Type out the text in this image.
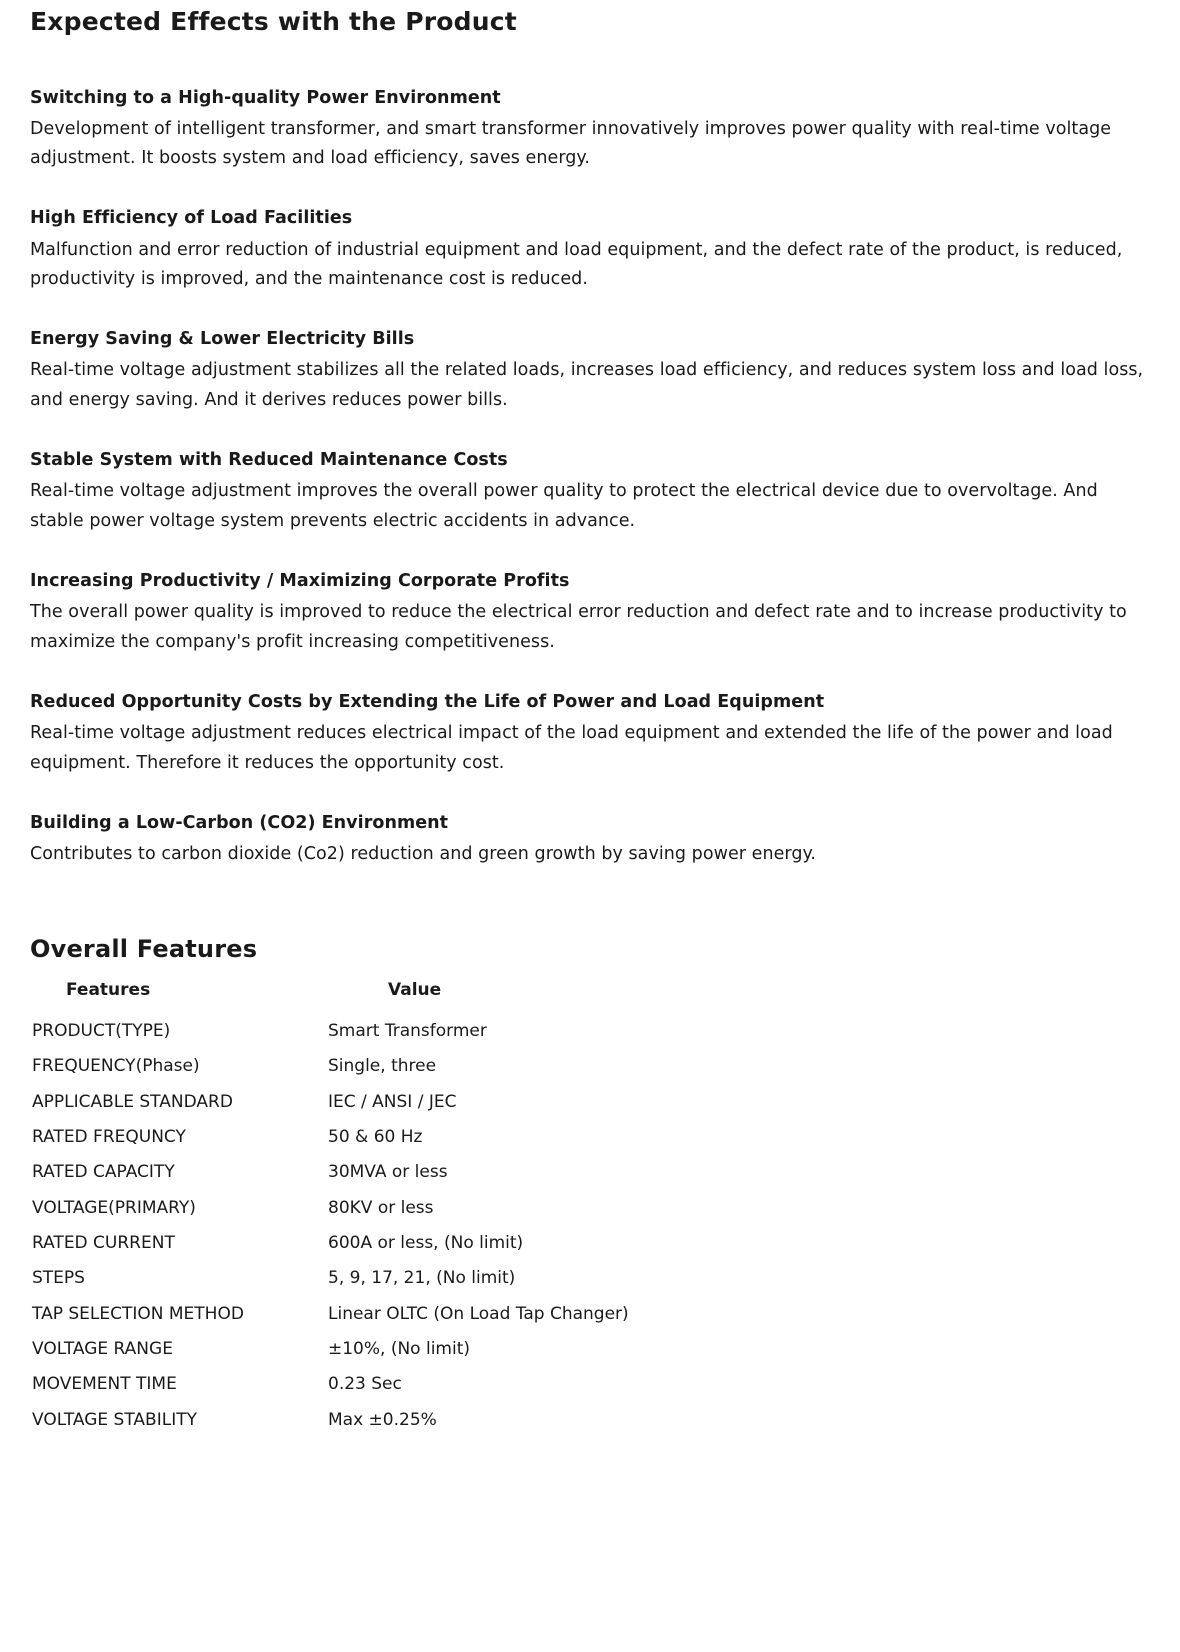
Expected Effects with the Product

Switching to a High-quality Power Environment

Development of intelligent transformer, and smart transformer innovatively improves power quality with real-time voltage adjustment. It boosts system and load efficiency, saves energy.

High Efficiency of Load Facilities

Malfunction and error reduction of industrial equipment and load equipment, and the defect rate of the product, is reduced, productivity is improved, and the maintenance cost is reduced.

Energy Saving & Lower Electricity Bills

Real-time voltage adjustment stabilizes all the related loads, increases load efficiency, and reduces system loss and load loss, and energy saving. And it derives reduces power bills.

Stable System with Reduced Maintenance Costs

Real-time voltage adjustment improves the overall power quality to protect the electrical device due to overvoltage. And stable power voltage system prevents electric accidents in advance.

Increasing Productivity / Maximizing Corporate Profits

The overall power quality is improved to reduce the electrical error reduction and defect rate and to increase productivity to maximize the company's profit increasing competitiveness.

Reduced Opportunity Costs by Extending the Life of Power and Load Equipment

Real-time voltage adjustment reduces electrical impact of the load equipment and extended the life of the power and load equipment. Therefore it reduces the opportunity cost.

Building a Low-Carbon (CO2) Environment

Contributes to carbon dioxide (Co2) reduction and green growth by saving power energy.

Overall Features
Features	Value
PRODUCT(TYPE)	Smart Transformer
FREQUENCY(Phase)	Single, three
APPLICABLE STANDARD	IEC / ANSI / JEC
RATED FREQUNCY	50 & 60 Hz
RATED CAPACITY	30MVA or less
VOLTAGE(PRIMARY)	80KV or less
RATED CURRENT	600A or less, (No limit)
STEPS	5, 9, 17, 21, (No limit)
TAP SELECTION METHOD	Linear OLTC (On Load Tap Changer)
VOLTAGE RANGE	±10%, (No limit)
MOVEMENT TIME	0.23 Sec
VOLTAGE STABILITY	Max ±0.25%
